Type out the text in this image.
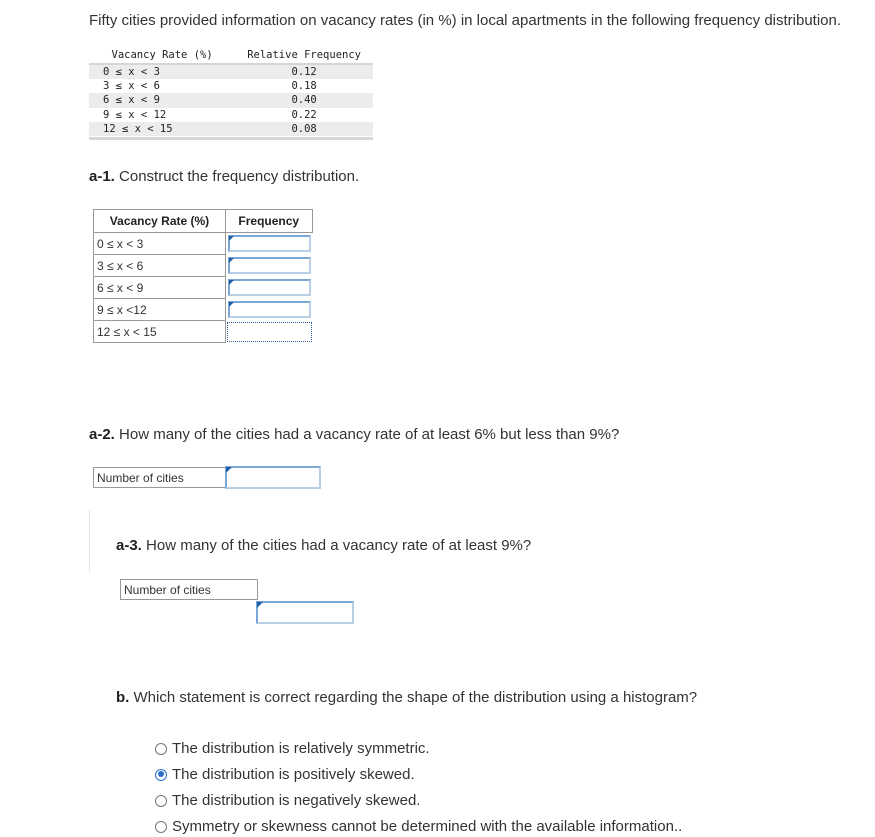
Fifty cities provided information on vacancy rates (in %) in local apartments in the following frequency distribution.
Vacancy Rate (%)	Relative Frequency
0 ≤ x < 3	0.12
3 ≤ x < 6	0.18
6 ≤ x < 9	0.40
9 ≤ x < 12	0.22
12 ≤ x < 15	0.08
a-1. Construct the frequency distribution.
Vacancy Rate (%)	Frequency
0 ≤ x < 3	

3 ≤ x < 6	

6 ≤ x < 9	

9 ≤ x <12	

12 ≤ x < 15	
a-2. How many of the cities had a vacancy rate of at least 6% but less than 9%?
Number of cities
a-3. How many of the cities had a vacancy rate of at least 9%?
Number of cities
b. Which statement is correct regarding the shape of the distribution using a histogram?
The distribution is relatively symmetric.
The distribution is positively skewed.
The distribution is negatively skewed.
Symmetry or skewness cannot be determined with the available information..
